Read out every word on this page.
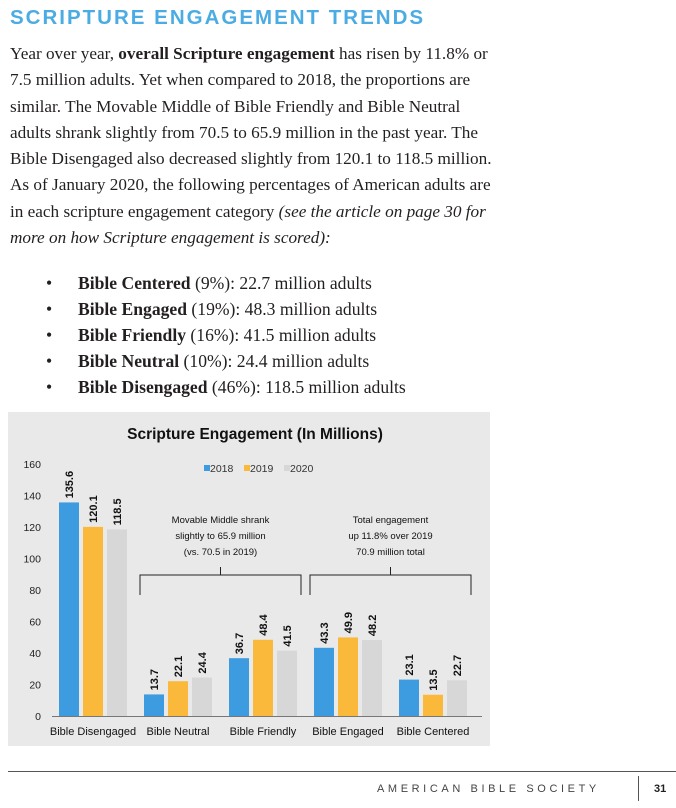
SCRIPTURE ENGAGEMENT TRENDS

Year over year, overall Scripture engagement has risen by 11.8% or 7.5 million adults. Yet when compared to 2018, the proportions are similar. The Movable Middle of Bible Friendly and Bible Neutral adults shrank slightly from 70.5 to 65.9 million in the past year. The Bible Disengaged also decreased slightly from 120.1 to 118.5 million. As of January 2020, the following percentages of American adults are in each scripture engagement category (see the article on page 30 for more on how Scripture engagement is scored):

• Bible Centered (9%): 22.7 million adults
• Bible Engaged (19%): 48.3 million adults
• Bible Friendly (16%): 41.5 million adults
• Bible Neutral (10%): 24.4 million adults
• Bible Disengaged (46%): 118.5 million adults
Scripture Engagement (In Millions)
0
20
40
60
80
100
120
140
160	2018 2019 2020
135.6
120.1 118.5
Bible Disengaged
13.7
22.1 24.4
Bible Neutral
36.7
48.4
41.5
Bible Friendly
43.3 49.9 48.2
Bible Engaged
23.1
13.5
22.7
Bible Centered
Movable Middle shrank
slightly to 65.9 million
(vs. 70.5 in 2019)
Total engagement
up 11.8% over 2019
70.9 million total
AMERICAN BIBLE SOCIETY	31
